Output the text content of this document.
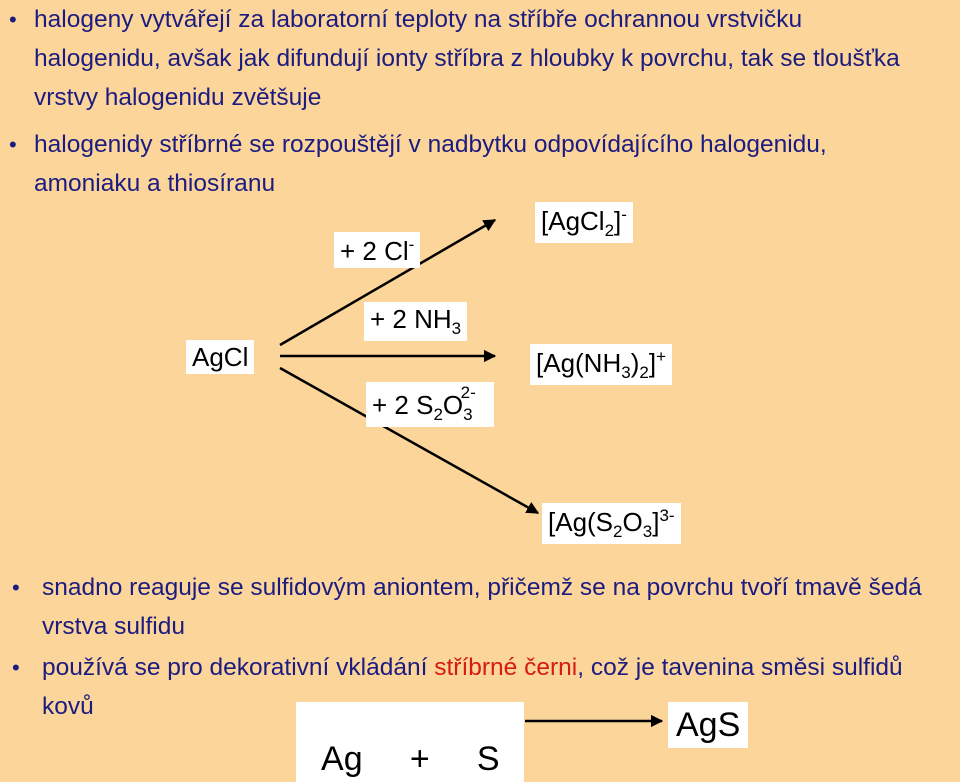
• halogeny vytvářejí za laboratorní teploty na stříbře ochrannou vrstvičku halogenidu, avšak jak difundují ionty stříbra z hloubky k povrchu, tak se tloušťka vrstvy halogenidu zvětšuje

• halogenidy stříbrné se rozpouštějí v nadbytku odpovídajícího halogenidu, amoniaku a thiosíranu

AgCl
+ 2 Cl-
[AgCl$_2$]-
+ 2 $NH_3$
+ 2 $S_2O_3^{2-}$
$[Ag(NH_3)_2]^+$
[$Ag(S_2O_3]^{3-}$

• snadno reaguje se sulfidovým aniontem, přičemž se na povrchu tvoří tmavě šedá vrstva sulfidu

• používá se pro dekorativní vkládání stříbrné černi, což je tavenina směsi sulfidů kovů

Ag     +     S

AgS
